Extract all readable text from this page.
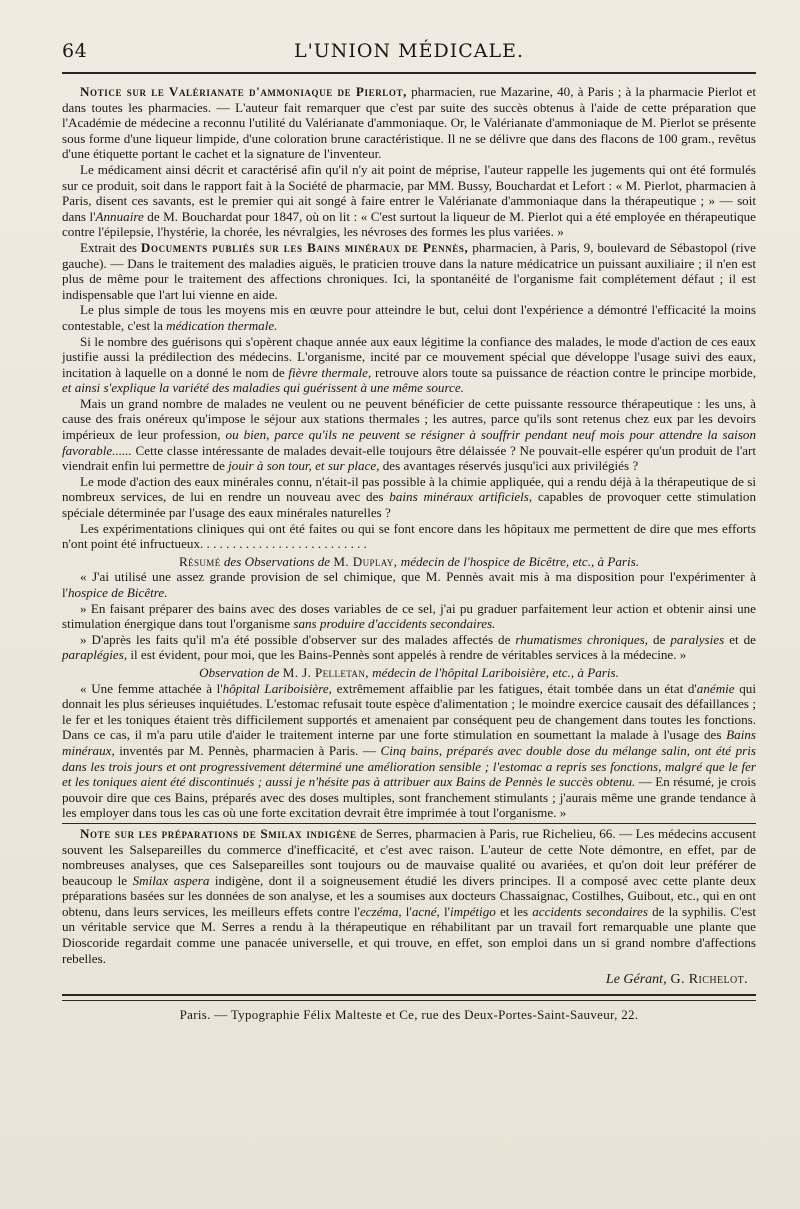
64	L'UNION MÉDICALE.

Notice sur le Valérianate d'ammoniaque de Pierlot, pharmacien, rue Mazarine, 40, à Paris ; à la pharmacie Pierlot et dans toutes les pharmacies. — L'auteur fait remarquer que c'est par suite des succès obtenus à l'aide de cette préparation que l'Académie de médecine a reconnu l'utilité du Valérianate d'ammoniaque. Or, le Valérianate d'ammoniaque de M. Pierlot se présente sous forme d'une liqueur limpide, d'une coloration brune caractéristique. Il ne se délivre que dans des flacons de 100 gram., revêtus d'une étiquette portant le cachet et la signature de l'inventeur.

Le médicament ainsi décrit et caractérisé afin qu'il n'y ait point de méprise, l'auteur rappelle les jugements qui ont été formulés sur ce produit, soit dans le rapport fait à la Société de pharmacie, par MM. Bussy, Bouchardat et Lefort : « M. Pierlot, pharmacien à Paris, disent ces savants, est le premier qui ait songé à faire entrer le Valérianate d'ammoniaque dans la thérapeutique ; » — soit dans l'Annuaire de M. Bouchardat pour 1847, où on lit : « C'est surtout la liqueur de M. Pierlot qui a été employée en thérapeutique contre l'épilepsie, l'hystérie, la chorée, les névralgies, les névroses des formes les plus variées. »

Extrait des Documents publiés sur les Bains minéraux de Pennès, pharmacien, à Paris, 9, boulevard de Sébastopol (rive gauche). — Dans le traitement des maladies aiguës, le praticien trouve dans la nature médicatrice un puissant auxiliaire ; il n'en est plus de même pour le traitement des affections chroniques. Ici, la spontanéité de l'organisme fait complétement défaut ; il est indispensable que l'art lui vienne en aide.

Le plus simple de tous les moyens mis en œuvre pour atteindre le but, celui dont l'expérience a démontré l'efficacité la moins contestable, c'est la médication thermale.

Si le nombre des guérisons qui s'opèrent chaque année aux eaux légitime la confiance des malades, le mode d'action de ces eaux justifie aussi la prédilection des médecins. L'organisme, incité par ce mouvement spécial que développe l'usage suivi des eaux, incitation à laquelle on a donné le nom de fièvre thermale, retrouve alors toute sa puissance de réaction contre le principe morbide, et ainsi s'explique la variété des maladies qui guérissent à une même source.

Mais un grand nombre de malades ne veulent ou ne peuvent bénéficier de cette puissante ressource thérapeutique : les uns, à cause des frais onéreux qu'impose le séjour aux stations thermales ; les autres, parce qu'ils sont retenus chez eux par les devoirs impérieux de leur profession, ou bien, parce qu'ils ne peuvent se résigner à souffrir pendant neuf mois pour attendre la saison favorable...... Cette classe intéressante de malades devait-elle toujours être délaissée ? Ne pouvait-elle espérer qu'un produit de l'art viendrait enfin lui permettre de jouir à son tour, et sur place, des avantages réservés jusqu'ici aux privilégiés ?

Le mode d'action des eaux minérales connu, n'était-il pas possible à la chimie appliquée, qui a rendu déjà à la thérapeutique de si nombreux services, de lui en rendre un nouveau avec des bains minéraux artificiels, capables de provoquer cette stimulation spéciale déterminée par l'usage des eaux minérales naturelles ?

Les expérimentations cliniques qui ont été faites ou qui se font encore dans les hôpitaux me permettent de dire que mes efforts n'ont point été infructueux. . . . . . . . . . . . . . . . . . . . . . . . . .

Résumé des Observations de M. Duplay, médecin de l'hospice de Bicêtre, etc., à Paris.

« J'ai utilisé une assez grande provision de sel chimique, que M. Pennès avait mis à ma disposition pour l'expérimenter à l'hospice de Bicêtre.

» En faisant préparer des bains avec des doses variables de ce sel, j'ai pu graduer parfaitement leur action et obtenir ainsi une stimulation énergique dans tout l'organisme sans produire d'accidents secondaires.

» D'après les faits qu'il m'a été possible d'observer sur des malades affectés de rhumatismes chroniques, de paralysies et de paraplégies, il est évident, pour moi, que les Bains-Pennès sont appelés à rendre de véritables services à la médecine. »

Observation de M. J. Pelletan, médecin de l'hôpital Lariboisière, etc., à Paris.

« Une femme attachée à l'hôpital Lariboisière, extrêmement affaiblie par les fatigues, était tombée dans un état d'anémie qui donnait les plus sérieuses inquiétudes. L'estomac refusait toute espèce d'alimentation ; le moindre exercice causait des défaillances ; le fer et les toniques étaient très difficilement supportés et amenaient par conséquent peu de changement dans toutes les fonctions. Dans ce cas, il m'a paru utile d'aider le traitement interne par une forte stimulation en soumettant la malade à l'usage des Bains minéraux, inventés par M. Pennès, pharmacien à Paris. — Cinq bains, préparés avec double dose du mélange salin, ont été pris dans les trois jours et ont progressivement déterminé une amélioration sensible ; l'estomac a repris ses fonctions, malgré que le fer et les toniques aient été discontinués ; aussi je n'hésite pas à attribuer aux Bains de Pennès le succès obtenu. — En résumé, je crois pouvoir dire que ces Bains, préparés avec des doses multiples, sont franchement stimulants ; j'aurais même une grande tendance à les employer dans tous les cas où une forte excitation devrait être imprimée à tout l'organisme. »

Note sur les préparations de Smilax indigène de Serres, pharmacien à Paris, rue Richelieu, 66. — Les médecins accusent souvent les Salsepareilles du commerce d'inefficacité, et c'est avec raison. L'auteur de cette Note démontre, en effet, par de nombreuses analyses, que ces Salsepareilles sont toujours ou de mauvaise qualité ou avariées, et qu'on doit leur préférer de beaucoup le Smilax aspera indigène, dont il a soigneusement étudié les divers principes. Il a composé avec cette plante deux préparations basées sur les données de son analyse, et les a soumises aux docteurs Chassaignac, Costilhes, Guibout, etc., qui en ont obtenu, dans leurs services, les meilleurs effets contre l'eczéma, l'acné, l'impétigo et les accidents secondaires de la syphilis. C'est un véritable service que M. Serres a rendu à la thérapeutique en réhabilitant par un travail fort remarquable une plante que Dioscoride regardait comme une panacée universelle, et qui trouve, en effet, son emploi dans un si grand nombre d'affections rebelles.

Le Gérant, G. Richelot.
Paris. — Typographie Félix Malteste et Ce, rue des Deux-Portes-Saint-Sauveur, 22.
